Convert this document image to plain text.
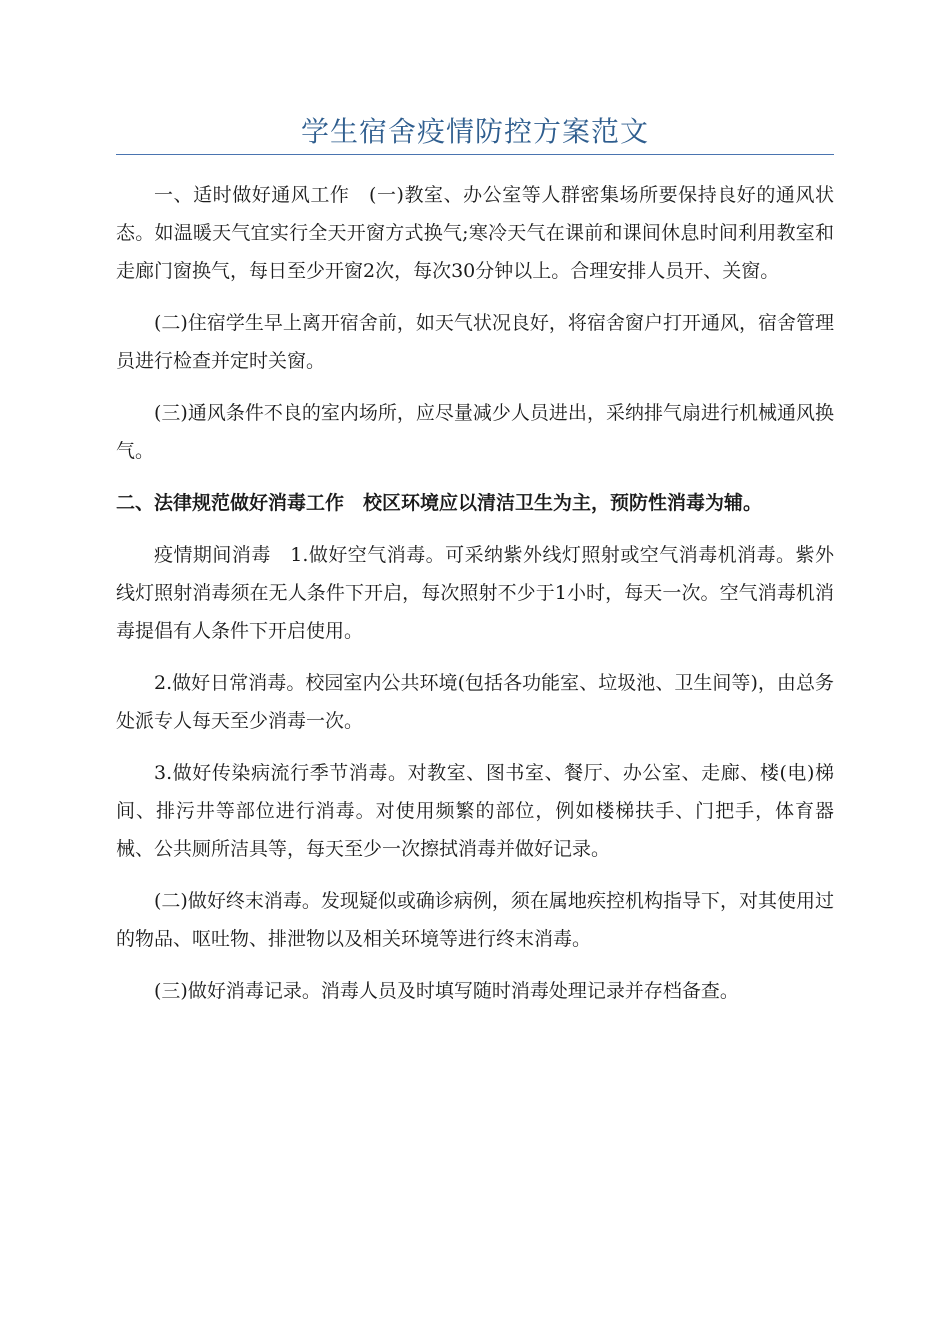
学生宿舍疫情防控方案范文

一、适时做好通风工作　(一)教室、办公室等人群密集场所要保持良好的通风状态。如温暖天气宜实行全天开窗方式换气;寒冷天气在课前和课间休息时间利用教室和走廊门窗换气，每日至少开窗2次，每次30分钟以上。合理安排人员开、关窗。

(二)住宿学生早上离开宿舍前，如天气状况良好，将宿舍窗户打开通风，宿舍管理员进行检查并定时关窗。

(三)通风条件不良的室内场所，应尽量减少人员进出，采纳排气扇进行机械通风换气。

二、法律规范做好消毒工作　校区环境应以清洁卫生为主，预防性消毒为辅。

疫情期间消毒　1.做好空气消毒。可采纳紫外线灯照射或空气消毒机消毒。紫外线灯照射消毒须在无人条件下开启，每次照射不少于1小时，每天一次。空气消毒机消毒提倡有人条件下开启使用。

2.做好日常消毒。校园室内公共环境(包括各功能室、垃圾池、卫生间等)，由总务处派专人每天至少消毒一次。

3.做好传染病流行季节消毒。对教室、图书室、餐厅、办公室、走廊、楼(电)梯间、排污井等部位进行消毒。对使用频繁的部位，例如楼梯扶手、门把手，体育器械、公共厕所洁具等，每天至少一次擦拭消毒并做好记录。

(二)做好终末消毒。发现疑似或确诊病例，须在属地疾控机构指导下，对其使用过的物品、呕吐物、排泄物以及相关环境等进行终末消毒。

(三)做好消毒记录。消毒人员及时填写随时消毒处理记录并存档备查。
